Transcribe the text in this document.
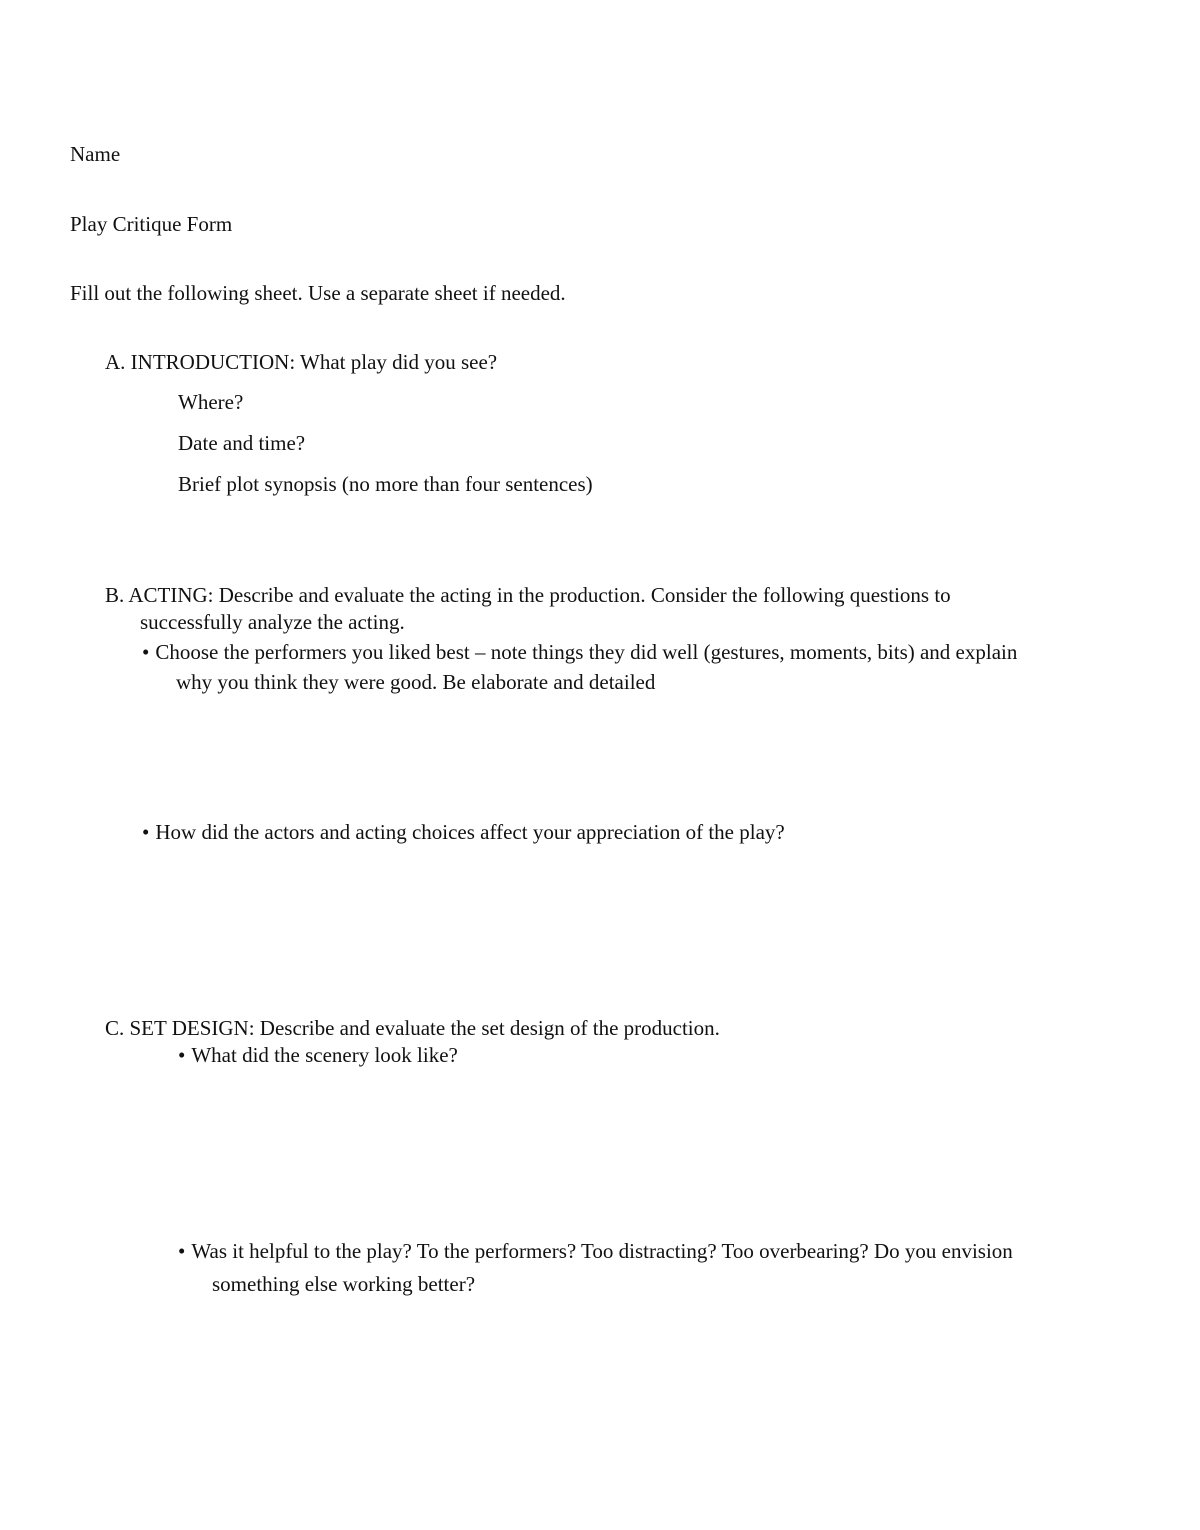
Name
Play Critique Form
Fill out the following sheet. Use a separate sheet if needed.
A. INTRODUCTION: What play did you see?
Where?
Date and time?
Brief plot synopsis (no more than four sentences)
B. ACTING: Describe and evaluate the acting in the production. Consider the following questions to
successfully analyze the acting.
• Choose the performers you liked best – note things they did well (gestures, moments, bits) and explain
why you think they were good. Be elaborate and detailed
• How did the actors and acting choices affect your appreciation of the play?
C. SET DESIGN: Describe and evaluate the set design of the production.
• What did the scenery look like?
• Was it helpful to the play? To the performers? Too distracting? Too overbearing? Do you envision
something else working better?
